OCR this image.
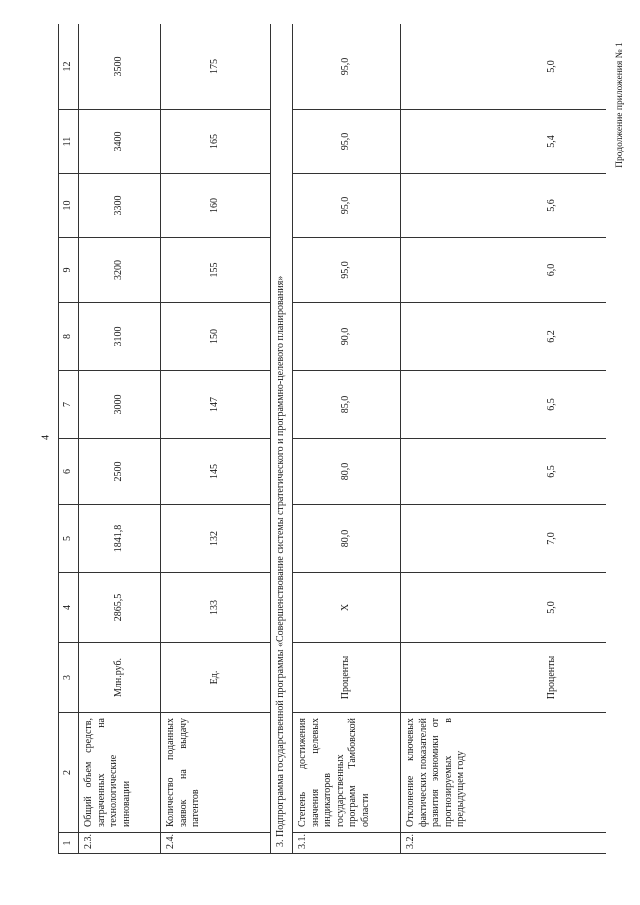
4
Продолжение приложения № 1
1	2	3	4	5	6	7	8	9	10	11	12
2.3.	Общий объем средств, затраченных на технологические инновации	Млн.руб.	2865,5	1841,8	2500	3000	3100	3200	3300	3400	3500
2.4.	Количество поданных заявок на выдачу патентов	Ед.	133	132	145	147	150	155	160	165	175
3. Подпрограмма государственной программы «Совершенствование системы стратегического и программно-целевого планирования»											
3.1.	Степень достижения значения целевых индикаторов государственных программ Тамбовской области	Проценты	Х	80,0	80,0	85,0	90,0	95,0	95,0	95,0	95,0
3.2.	Отклонение ключевых фактических показателей развития экономики от прогнозируемых в предыдущем году	Проценты	5,0	7,0	6,5	6,5	6,2	6,0	5,6	5,4	5,0
